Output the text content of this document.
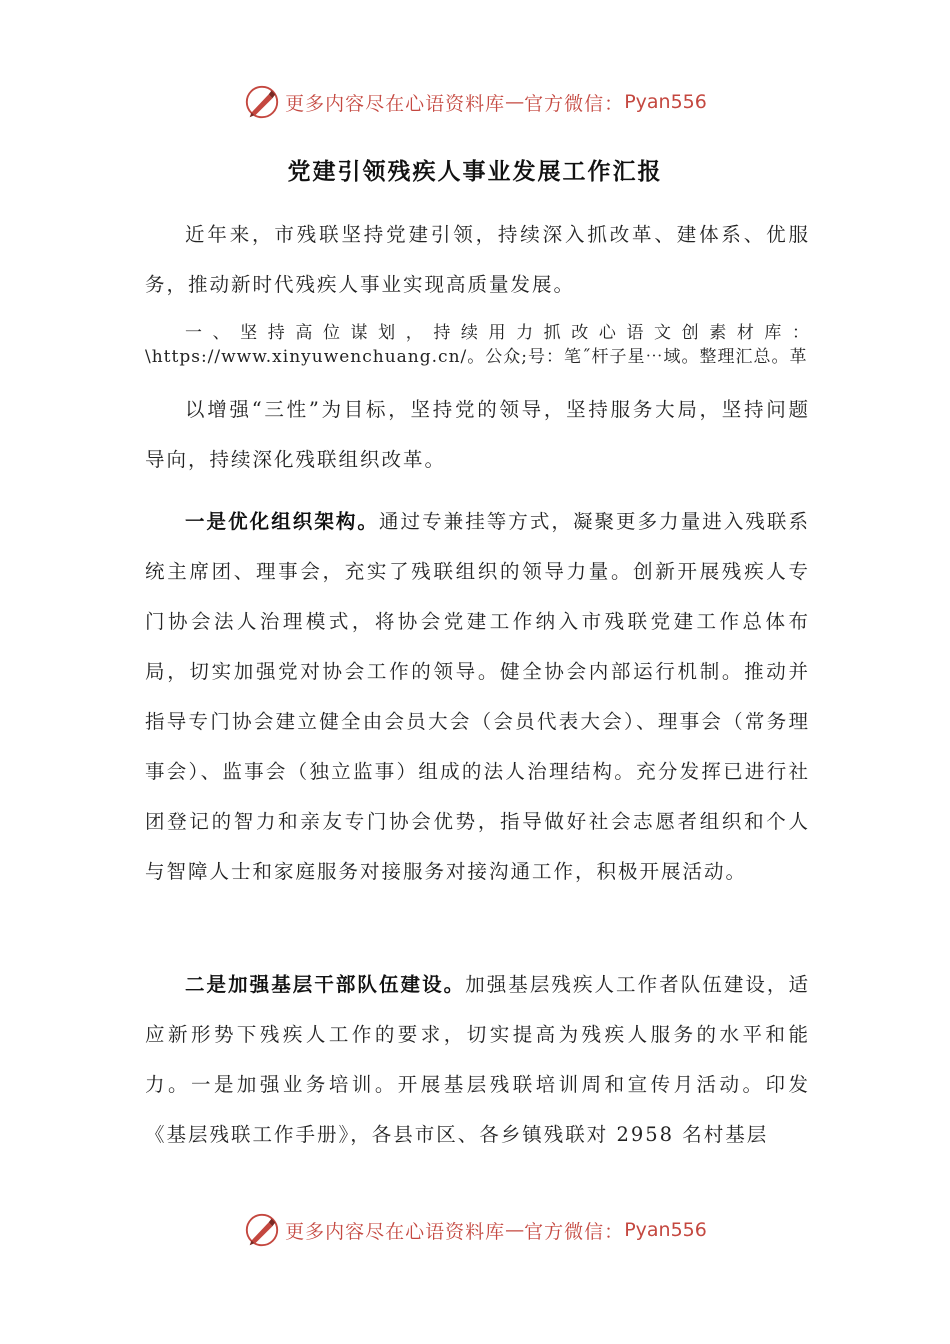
更多内容尽在心语资料库 — 官方微信： Pyan556
党建引领残疾人事业发展工作汇报
近年来，市残联坚持党建引领，持续深入抓改革、建体系、优服务，推动新时代残疾人事业实现高质量发展。
一、坚持高位谋划，持续用力抓改心语文创素材库：\https://www.xinyuwenchuang.cn/。公众;号：笔˝杆子星⋯域。整理汇总。革
以增强“三性”为目标，坚持党的领导，坚持服务大局，坚持问题导向，持续深化残联组织改革。
一是优化组织架构。通过专兼挂等方式，凝聚更多力量进入残联系统主席团、理事会，充实了残联组织的领导力量。创新开展残疾人专门协会法人治理模式，将协会党建工作纳入市残联党建工作总体布局，切实加强党对协会工作的领导。健全协会内部运行机制。推动并指导专门协会建立健全由会员大会（会员代表大会）、理事会（常务理事会）、监事会（独立监事）组成的法人治理结构。充分发挥已进行社团登记的智力和亲友专门协会优势，指导做好社会志愿者组织和个人与智障人士和家庭服务对接服务对接沟通工作，积极开展活动。
二是加强基层干部队伍建设。加强基层残疾人工作者队伍建设，适应新形势下残疾人工作的要求，切实提高为残疾人服务的水平和能力。一是加强业务培训。开展基层残联培训周和宣传月活动。印发《基层残联工作手册》，各县市区、各乡镇残联对 2958 名村基层
更多内容尽在心语资料库 — 官方微信： Pyan556
